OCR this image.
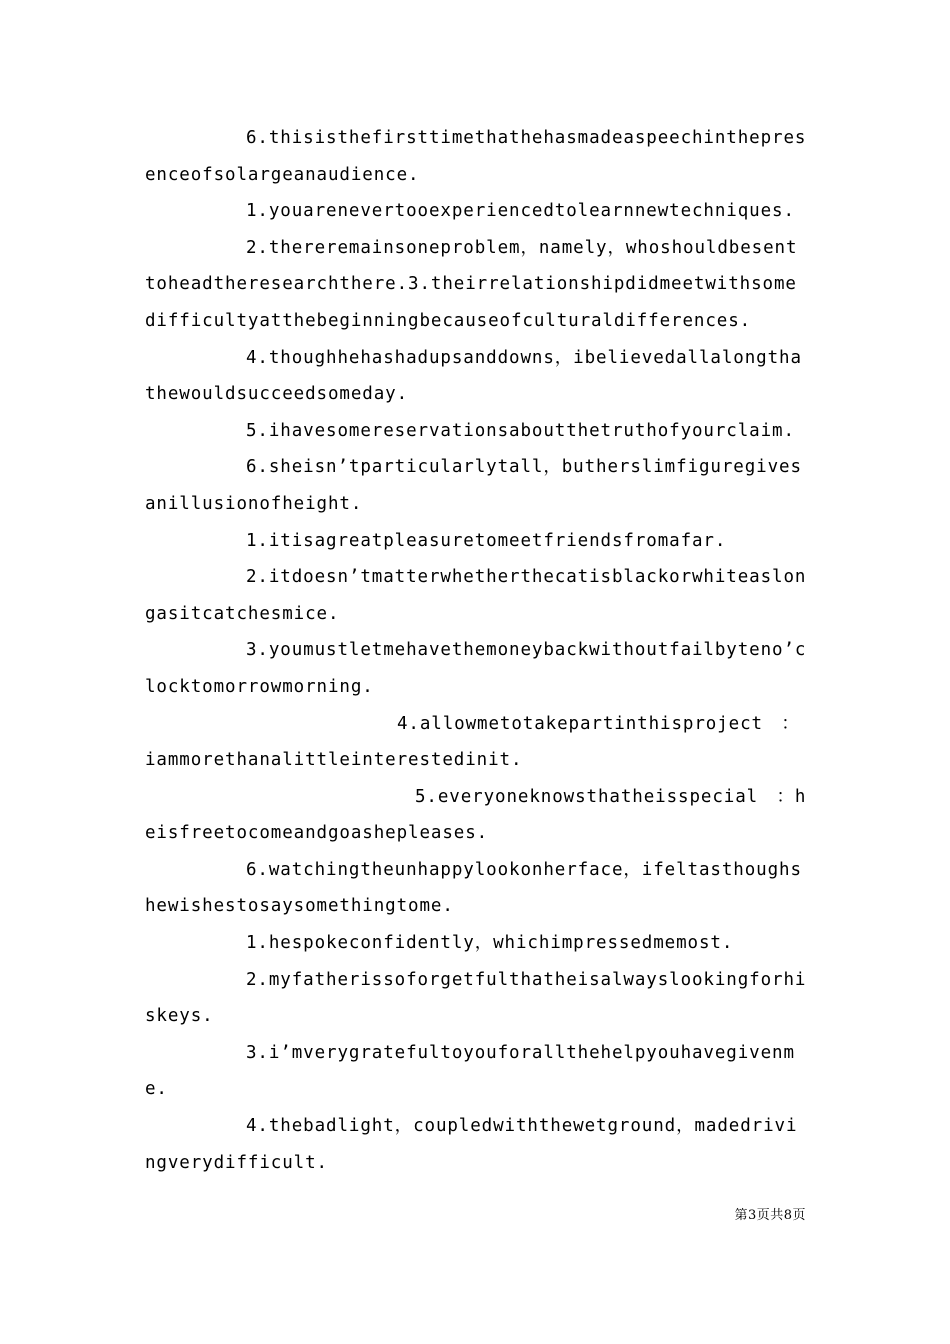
6.thisisthefirsttimethathehasmadeaspeechinthepresenceofsolargeanaudience.

1.youarenevertooexperiencedtolearnnewtechniques.

2.thereremainsoneproblem，namely，whoshouldbesenttoheadtheresearchthere.3.theirrelationshipdidmeetwithsomedifficultyatthebeginningbecauseofculturaldifferences.

4.thoughhehashadupsanddowns，ibelievedallalongthathewouldsucceedsomeday.

5.ihavesomereservationsaboutthetruthofyourclaim.

6.sheisn’tparticularlytall，butherslimfiguregivesanillusionofheight.

1.itisagreatpleasuretomeetfriendsfromafar.

2.itdoesn’tmatterwhetherthecatisblackorwhiteaslongasitcatchesmice.

3.youmustletmehavethemoneybackwithoutfailbyteno’clocktomorrowmorning.

4.allowmetotakepartinthisproject　：iammorethanalittleinterestedinit.

5.everyoneknowsthatheisspecial　：heisfreetocomeandgoashepleases.

6.watchingtheunhappylookonherface，ifeltasthoughshewishestosaysomethingtome.

1.hespokeconfidently，whichimpressedmemost.

2.myfatherissoforgetfulthatheisalwayslookingforhiskeys.

3.i’mverygratefultoyouforallthehelpyouhavegivenme.

4.thebadlight，coupledwiththewetground，madedrivingverydifficult.

第3页共8页
